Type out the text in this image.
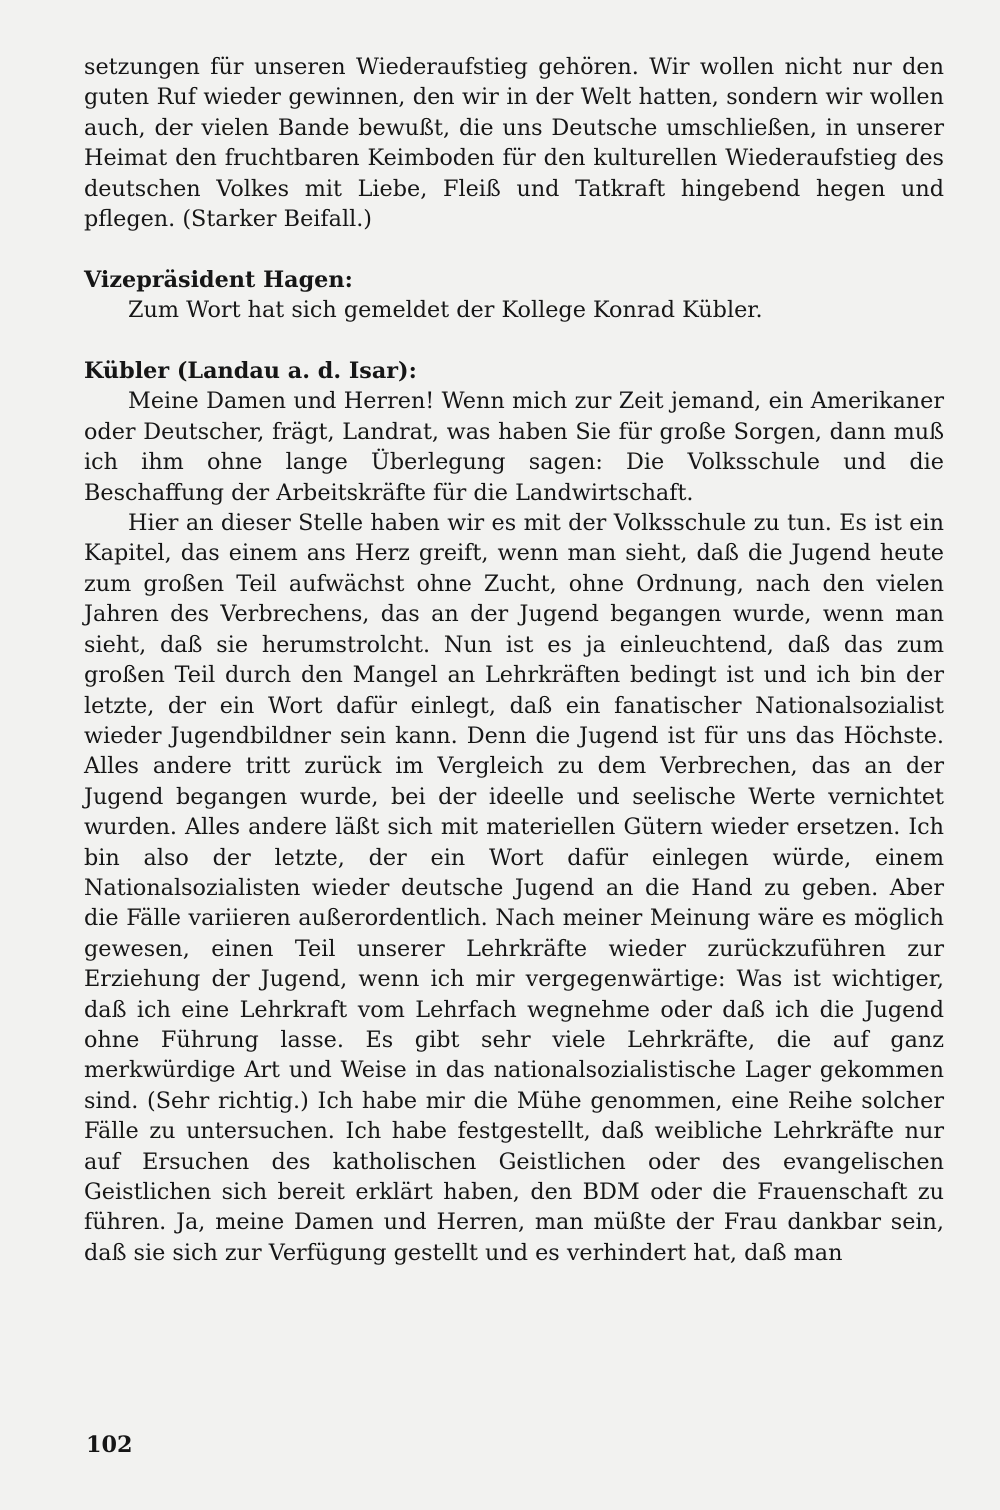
setzungen für unseren Wiederaufstieg gehören. Wir wollen nicht nur den guten Ruf wieder gewinnen, den wir in der Welt hatten, sondern wir wollen auch, der vielen Bande bewußt, die uns Deutsche umschließen, in unserer Heimat den fruchtbaren Keimboden für den kulturellen Wiederaufstieg des deutschen Volkes mit Liebe, Fleiß und Tatkraft hingebend hegen und pflegen. (Starker Beifall.)

Vizepräsident Hagen:

Zum Wort hat sich gemeldet der Kollege Konrad Kübler.

Kübler (Landau a. d. Isar):

Meine Damen und Herren! Wenn mich zur Zeit jemand, ein Amerikaner oder Deutscher, frägt, Landrat, was haben Sie für große Sorgen, dann muß ich ihm ohne lange Überlegung sagen: Die Volksschule und die Beschaffung der Arbeitskräfte für die Landwirtschaft.

Hier an dieser Stelle haben wir es mit der Volksschule zu tun. Es ist ein Kapitel, das einem ans Herz greift, wenn man sieht, daß die Jugend heute zum großen Teil aufwächst ohne Zucht, ohne Ordnung, nach den vielen Jahren des Verbrechens, das an der Jugend begangen wurde, wenn man sieht, daß sie herumstrolcht. Nun ist es ja einleuchtend, daß das zum großen Teil durch den Mangel an Lehrkräften bedingt ist und ich bin der letzte, der ein Wort dafür einlegt, daß ein fanatischer Nationalsozialist wieder Jugendbildner sein kann. Denn die Jugend ist für uns das Höchste. Alles andere tritt zurück im Vergleich zu dem Verbrechen, das an der Jugend begangen wurde, bei der ideelle und seelische Werte vernichtet wurden. Alles andere läßt sich mit materiellen Gütern wieder ersetzen. Ich bin also der letzte, der ein Wort dafür einlegen würde, einem Nationalsozialisten wieder deutsche Jugend an die Hand zu geben. Aber die Fälle variieren außerordentlich. Nach meiner Meinung wäre es möglich gewesen, einen Teil unserer Lehrkräfte wieder zurückzuführen zur Erziehung der Jugend, wenn ich mir vergegenwärtige: Was ist wichtiger, daß ich eine Lehrkraft vom Lehrfach wegnehme oder daß ich die Jugend ohne Führung lasse. Es gibt sehr viele Lehrkräfte, die auf ganz merkwürdige Art und Weise in das nationalsozialistische Lager gekommen sind. (Sehr richtig.) Ich habe mir die Mühe genommen, eine Reihe solcher Fälle zu untersuchen. Ich habe festgestellt, daß weibliche Lehrkräfte nur auf Ersuchen des katholischen Geistlichen oder des evangelischen Geistlichen sich bereit erklärt haben, den BDM oder die Frauenschaft zu führen. Ja, meine Damen und Herren, man müßte der Frau dankbar sein, daß sie sich zur Verfügung gestellt und es verhindert hat, daß man

102
